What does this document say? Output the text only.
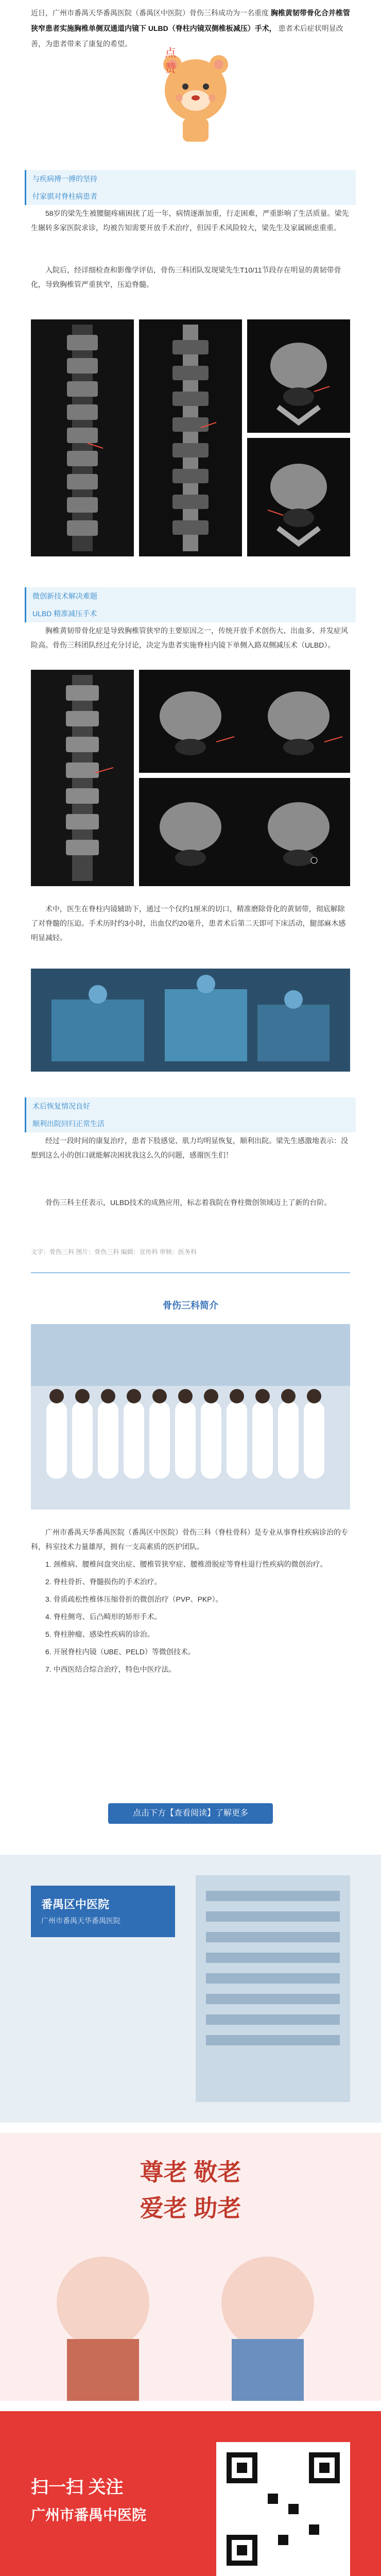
近日，广州市番禺天华番禺医院（番禺区中医院）骨伤三科成功为一名重度 胸椎黄韧带骨化合并椎管狭窄患者实施胸椎单侧双通道内镜下 ULBD（脊柱内镜双侧椎板减压）手术， 患者术后症状明显改善，为患者带来了康复的希望。
点
赞
与疾病搏一搏的坚持
付家骐对脊柱病患者
58岁的梁先生被腰腿疼痛困扰了近一年，病情逐渐加重，行走困难，严重影响了生活质量。梁先生辗转多家医院求诊，均被告知需要开放手术治疗，但因手术风险较大，梁先生及家属顾虑重重。
入院后，经详细检查和影像学评估，骨伤三科团队发现梁先生T10/11节段存在明显的黄韧带骨化，导致胸椎管严重狭窄，压迫脊髓。
微创新技术解决难题
ULBD 精准减压手术
胸椎黄韧带骨化症是导致胸椎管狭窄的主要原因之一，传统开放手术创伤大、出血多、并发症风险高。骨伤三科团队经过充分讨论，决定为患者实施脊柱内镜下单侧入路双侧减压术（ULBD）。
术中，医生在脊柱内镜辅助下，通过一个仅约1厘米的切口，精准磨除骨化的黄韧带，彻底解除了对脊髓的压迫。手术历时约3小时，出血仅约20毫升，患者术后第二天即可下床活动，腿部麻木感明显减轻。
术后恢复情况良好
顺利出院回归正常生活
经过一段时间的康复治疗，患者下肢感觉、肌力均明显恢复，顺利出院。梁先生感激地表示：没想到这么小的创口就能解决困扰我这么久的问题，感谢医生们！
骨伤三科主任表示，ULBD技术的成熟应用，标志着我院在脊柱微创领域迈上了新的台阶。
文字：骨伤三科 图片：骨伤三科 编辑：宣传科 审核：医务科
骨伤三科简介

广州市番禺天华番禺医院（番禺区中医院）骨伤三科（脊柱骨科）是专业从事脊柱疾病诊治的专科，科室技术力量雄厚，拥有一支高素质的医护团队。

1. 颈椎病、腰椎间盘突出症、腰椎管狭窄症、腰椎滑脱症等脊柱退行性疾病的微创治疗。

2. 脊柱骨折、脊髓损伤的手术治疗。

3. 骨质疏松性椎体压缩骨折的微创治疗（PVP、PKP）。

4. 脊柱侧弯、后凸畸形的矫形手术。

5. 脊柱肿瘤、感染性疾病的诊治。

6. 开展脊柱内镜（UBE、PELD）等微创技术。

7. 中西医结合综合治疗，特色中医疗法。

点击下方【查看阅读】了解更多
番禺区中医院
广州市番禺天华番禺医院
尊老 敬老
爱老 助老
扫一扫 关注
广州市番禺中医院
